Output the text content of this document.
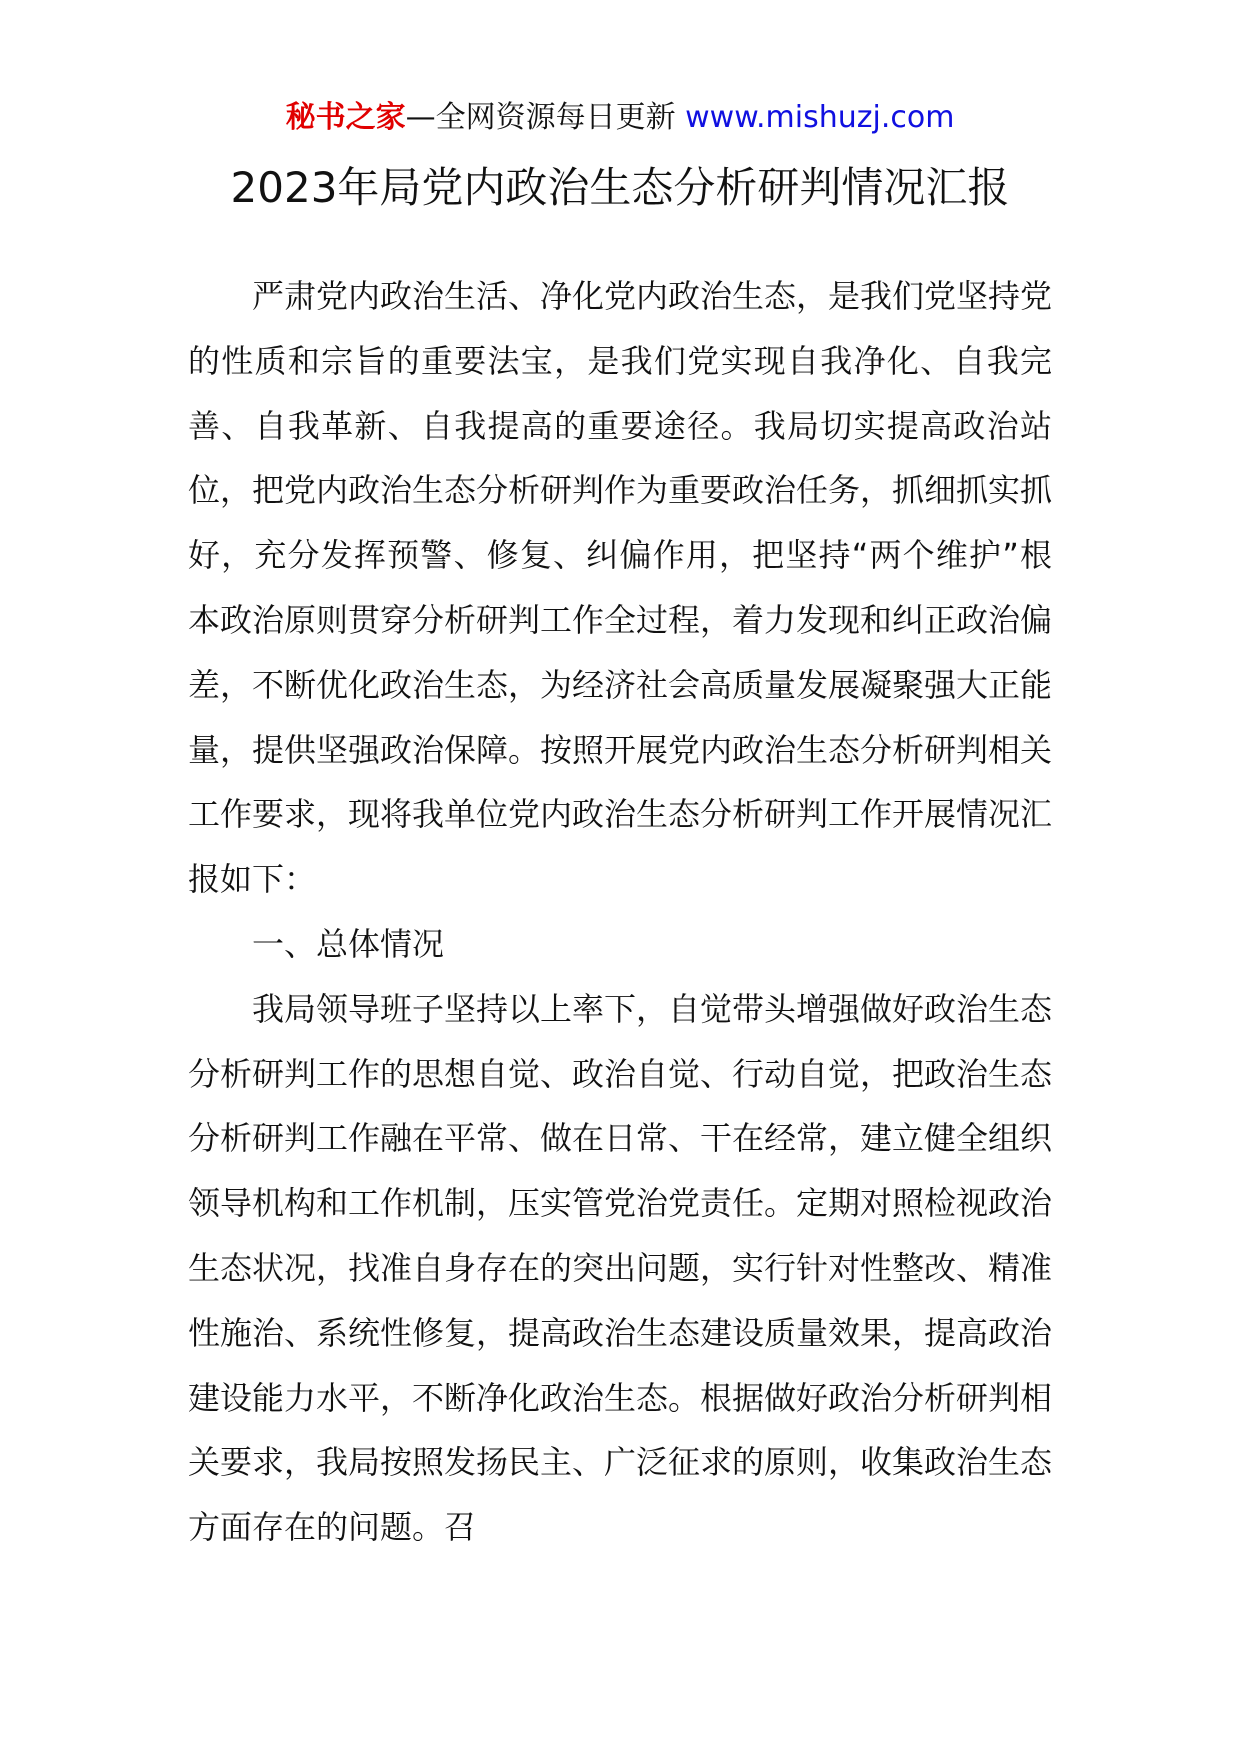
秘书之家—全网资源每日更新 www.mishuzj.com
2023年局党内政治生态分析研判情况汇报

严肃党内政治生活、净化党内政治生态，是我们党坚持党的性质和宗旨的重要法宝，是我们党实现自我净化、自我完善、自我革新、自我提高的重要途径。我局切实提高政治站位，把党内政治生态分析研判作为重要政治任务，抓细抓实抓好，充分发挥预警、修复、纠偏作用，把坚持“两个维护”根本政治原则贯穿分析研判工作全过程，着力发现和纠正政治偏差，不断优化政治生态，为经济社会高质量发展凝聚强大正能量，提供坚强政治保障。按照开展党内政治生态分析研判相关工作要求，现将我单位党内政治生态分析研判工作开展情况汇报如下：

一、总体情况

我局领导班子坚持以上率下，自觉带头增强做好政治生态分析研判工作的思想自觉、政治自觉、行动自觉，把政治生态分析研判工作融在平常、做在日常、干在经常，建立健全组织领导机构和工作机制，压实管党治党责任。定期对照检视政治生态状况，找准自身存在的突出问题，实行针对性整改、精准性施治、系统性修复，提高政治生态建设质量效果，提高政治建设能力水平，不断净化政治生态。根据做好政治分析研判相关要求，我局按照发扬民主、广泛征求的原则，收集政治生态方面存在的问题。召
